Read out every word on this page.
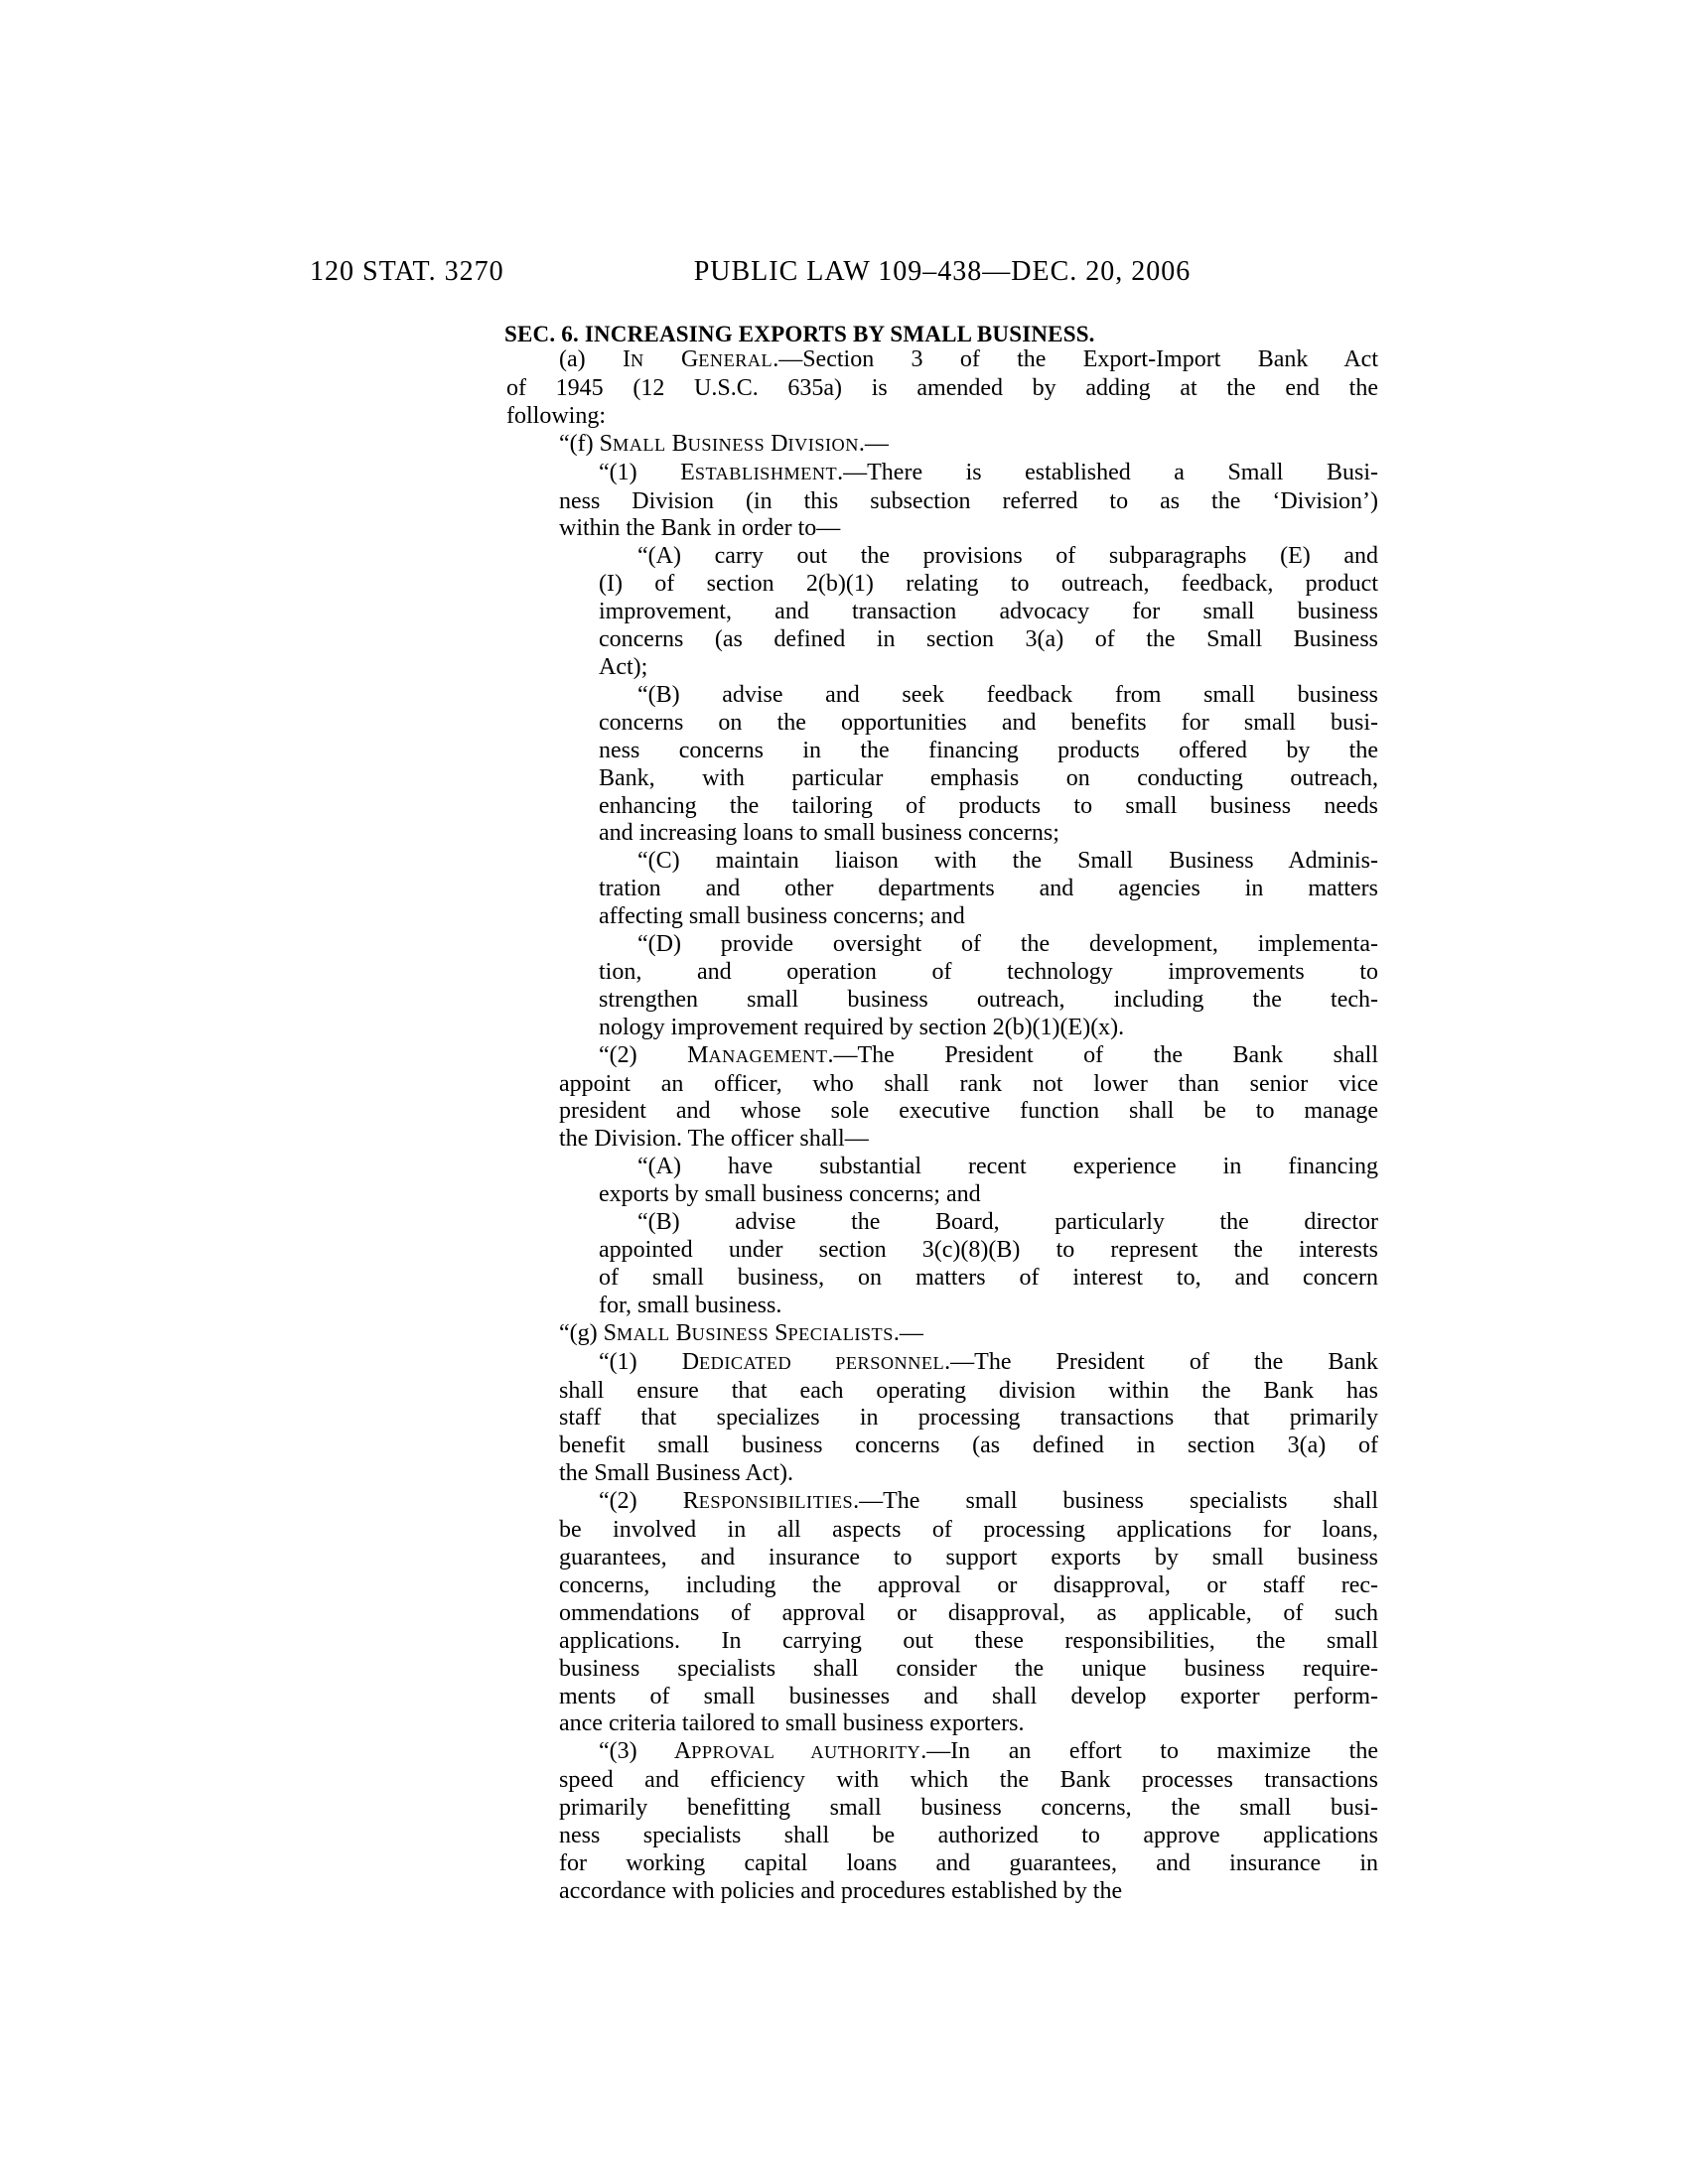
120 STAT. 3270	PUBLIC LAW 109–438—DEC. 20, 2006
SEC. 6. INCREASING EXPORTS BY SMALL BUSINESS.
(a) IN GENERAL.—Section 3 of the Export-Import Bank Act
of 1945 (12 U.S.C. 635a) is amended by adding at the end the
following:
“(f) SMALL BUSINESS DIVISION.—
“(1) ESTABLISHMENT.—There is established a Small Busi-
ness Division (in this subsection referred to as the ‘Division’)
within the Bank in order to—
“(A) carry out the provisions of subparagraphs (E) and
(I) of section 2(b)(1) relating to outreach, feedback, product
improvement, and transaction advocacy for small business
concerns (as defined in section 3(a) of the Small Business
Act);
“(B) advise and seek feedback from small business
concerns on the opportunities and benefits for small busi-
ness concerns in the financing products offered by the
Bank, with particular emphasis on conducting outreach,
enhancing the tailoring of products to small business needs
and increasing loans to small business concerns;
“(C) maintain liaison with the Small Business Adminis-
tration and other departments and agencies in matters
affecting small business concerns; and
“(D) provide oversight of the development, implementa-
tion, and operation of technology improvements to
strengthen small business outreach, including the tech-
nology improvement required by section 2(b)(1)(E)(x).
“(2) MANAGEMENT.—The President of the Bank shall
appoint an officer, who shall rank not lower than senior vice
president and whose sole executive function shall be to manage
the Division. The officer shall—
“(A) have substantial recent experience in financing
exports by small business concerns; and
“(B) advise the Board, particularly the director
appointed under section 3(c)(8)(B) to represent the interests
of small business, on matters of interest to, and concern
for, small business.
“(g) SMALL BUSINESS SPECIALISTS.—
“(1) DEDICATED PERSONNEL.—The President of the Bank
shall ensure that each operating division within the Bank has
staff that specializes in processing transactions that primarily
benefit small business concerns (as defined in section 3(a) of
the Small Business Act).
“(2) RESPONSIBILITIES.—The small business specialists shall
be involved in all aspects of processing applications for loans,
guarantees, and insurance to support exports by small business
concerns, including the approval or disapproval, or staff rec-
ommendations of approval or disapproval, as applicable, of such
applications. In carrying out these responsibilities, the small
business specialists shall consider the unique business require-
ments of small businesses and shall develop exporter perform-
ance criteria tailored to small business exporters.
“(3) APPROVAL AUTHORITY.—In an effort to maximize the
speed and efficiency with which the Bank processes transactions
primarily benefitting small business concerns, the small busi-
ness specialists shall be authorized to approve applications
for working capital loans and guarantees, and insurance in
accordance with policies and procedures established by the
